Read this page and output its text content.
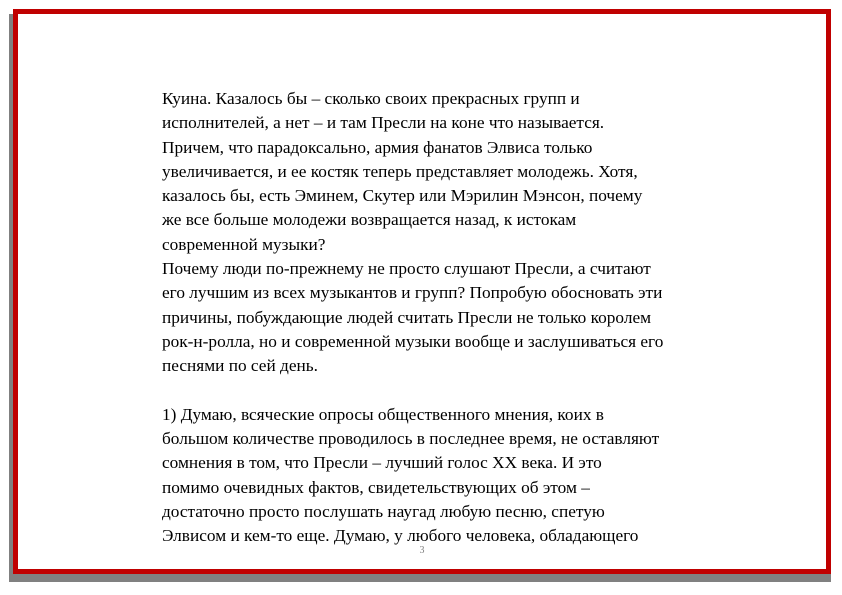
Куина. Казалось бы – сколько своих прекрасных групп и

исполнителей, а нет – и там Пресли на коне что называется.

Причем, что парадоксально, армия фанатов Элвиса только

увеличивается, и ее костяк теперь представляет молодежь. Хотя,

казалось бы, есть Эминем, Скутер или Мэрилин Мэнсон, почему

же все больше молодежи возвращается назад, к истокам

современной музыки?

Почему люди по-прежнему не просто слушают Пресли, а считают

его лучшим из всех музыкантов и групп? Попробую обосновать эти

причины, побуждающие людей считать Пресли не только королем

рок-н-ролла, но и современной музыки вообще и заслушиваться его

песнями по сей день.

1) Думаю, всяческие опросы общественного мнения, коих в

большом количестве проводилось в последнее время, не оставляют

сомнения в том, что Пресли – лучший голос ХХ века. И это

помимо очевидных фактов, свидетельствующих об этом –

достаточно просто послушать наугад любую песню, спетую

Элвисом и кем-то еще. Думаю, у любого человека, обладающего

3
